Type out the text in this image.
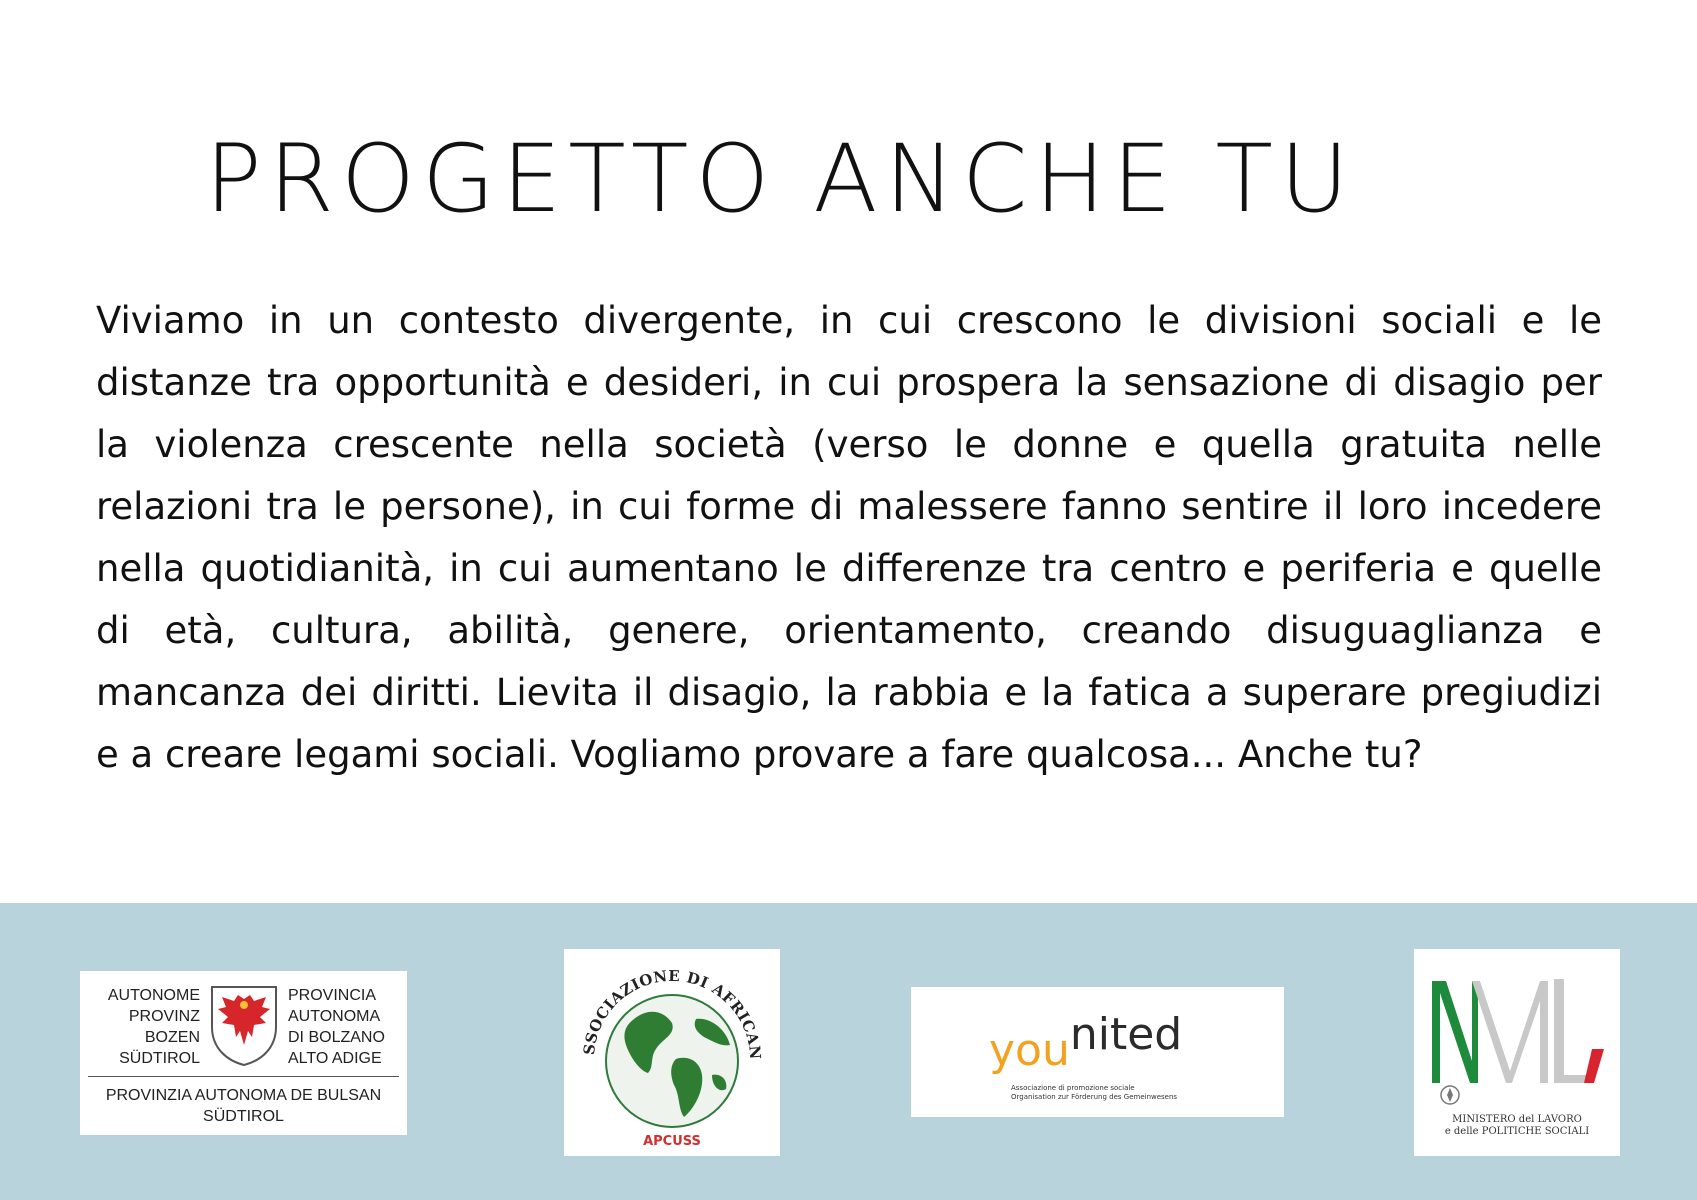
PROGETTO ANCHE TU

Viviamo in un contesto divergente, in cui crescono le divisioni sociali e le distanze tra opportunità e desideri, in cui prospera la sensazione di disagio per la violenza crescente nella società (verso le donne e quella gratuita nelle relazioni tra le persone), in cui forme di malessere fanno sentire il loro incedere nella quotidianità, in cui aumentano le differenze tra centro e periferia e quelle di età, cultura, abilità, genere, orientamento, creando disuguaglianza e mancanza dei diritti. Lievita il disagio, la rabbia e la fatica a superare pregiudizi e a creare legami sociali. Vogliamo provare a fare qualcosa... Anche tu?

AUTONOME
PROVINZ
BOZEN
SÜDTIROL
PROVINCIA
AUTONOMA
DI BOLZANO
ALTO ADIGE
PROVINZIA AUTONOMA DE BULSAN
SÜDTIROL
SSOCIAZIONE DI AFRICAN
APCUSS
younited
Associazione di promozione sociale
Organisation zur Förderung des Gemeinwesens
MINISTERO del LAVORO
e delle POLITICHE SOCIALI
